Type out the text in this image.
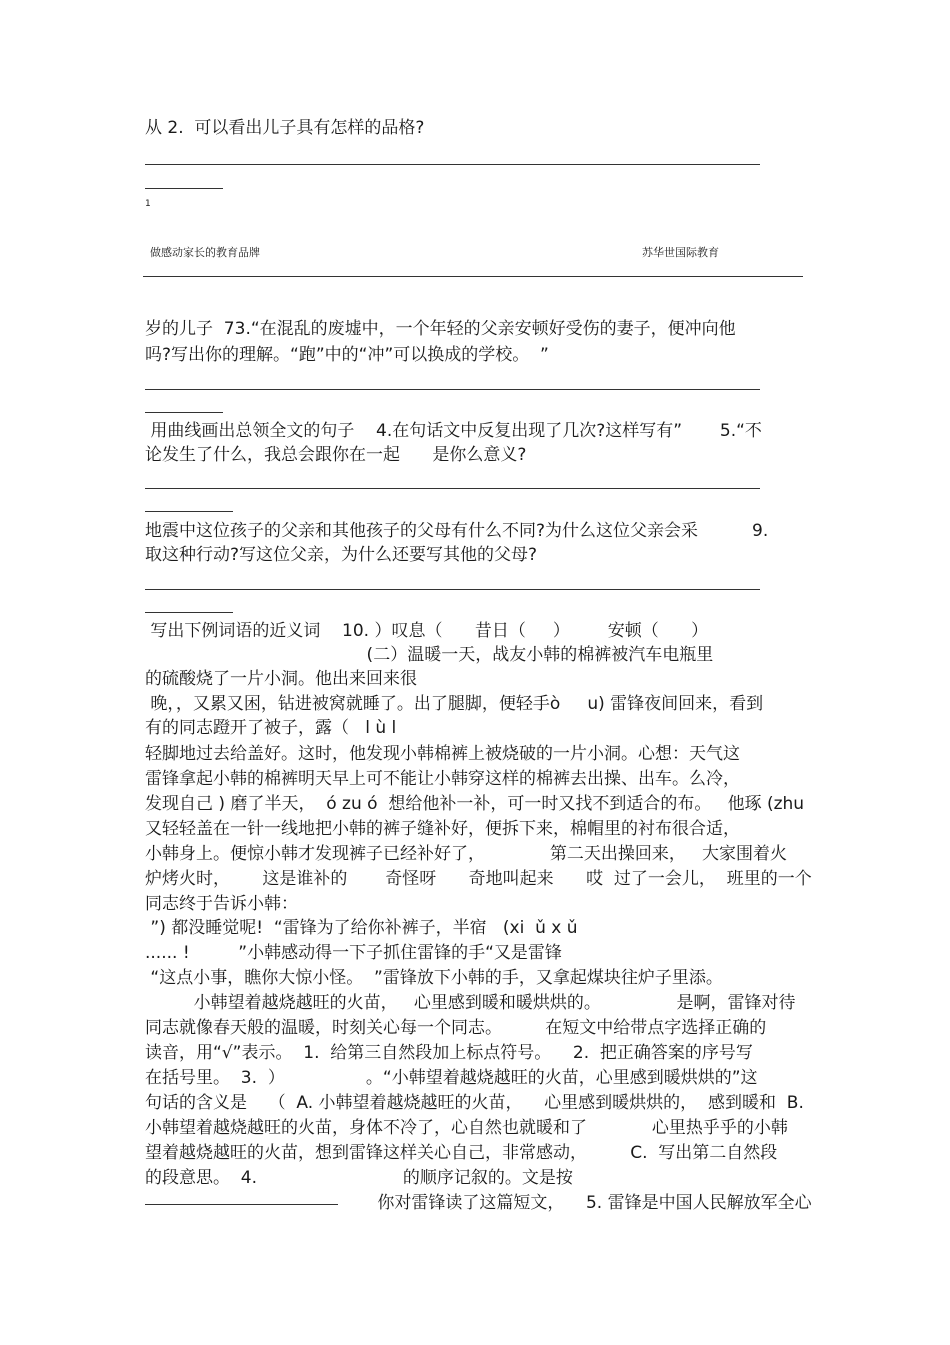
从 2.  可以看出儿子具有怎样的品格?
1
做感动家长的教育品牌	苏华世国际教育
岁的儿子  73.“在混乱的废墟中，一个年轻的父亲安顿好受伤的妻子，便冲向他
吗?写出你的理解。“跑”中的“冲”可以换成的学校。  ”
用曲线画出总领全文的句子    4.在句话文中反复出现了几次?这样写有”       5.“不
论发生了什么，我总会跟你在一起      是你么意义?
地震中这位孩子的父亲和其他孩子的父母有什么不同?为什么这位父亲会采          9.
取这种行动?写这位父亲，为什么还要写其他的父母?
写出下例词语的近义词    10. ）叹息（      昔日（     ）       安顿（      ）
(二）温暖一天，战友小韩的棉裤被汽车电瓶里
的硫酸烧了一片小洞。他出来回来很
晚，，又累又困，钻进被窝就睡了。出了腿脚，便轻手ò     u) 雷锋夜间回来，看到
有的同志蹬开了被子，露（   l ù l
轻脚地过去给盖好。这时，他发现小韩棉裤上被烧破的一片小洞。心想：天气这
雷锋拿起小韩的棉裤明天早上可不能让小韩穿这样的棉裤去出操、出车。么冷，
发现自己 ) 磨了半天，  ó zu ó  想给他补一补，可一时又找不到适合的布。   他琢 (zhu
又轻轻盖在一针一线地把小韩的裤子缝补好，便拆下来，棉帽里的衬布很合适，
小韩身上。便惊小韩才发现裤子已经补好了，            第二天出操回来，   大家围着火
炉烤火时，      这是谁补的       奇怪呀      奇地叫起来      哎  过了一会儿，  班里的一个
同志终于告诉小韩：
”) 都没睡觉呢!  “雷锋为了给你补裤子，半宿   (xi  ǔ x ǔ
...... !         ”小韩感动得一下子抓住雷锋的手“又是雷锋
“这点小事，瞧你大惊小怪。  ”雷锋放下小韩的手，又拿起煤块往炉子里添。
小韩望着越烧越旺的火苗，   心里感到暖和暖烘烘的。              是啊，雷锋对待
同志就像春天般的温暖，时刻关心每一个同志。        在短文中给带点字选择正确的
读音，用“√”表示。  1.  给第三自然段加上标点符号。    2.  把正确答案的序号写
在括号里。  3.  ）               。“小韩望着越烧越旺的火苗，心里感到暖烘烘的”这
句话的含义是    （  A. 小韩望着越烧越旺的火苗，    心里感到暖烘烘的，  感到暖和  B.
小韩望着越烧越旺的火苗，身体不冷了，心自然也就暖和了            心里热乎乎的小韩
望着越烧越旺的火苗，想到雷锋这样关心自己，非常感动，        C.  写出第二自然段
的段意思。  4.                           的顺序记叙的。文是按
你对雷锋读了这篇短文，    5. 雷锋是中国人民解放军全心
